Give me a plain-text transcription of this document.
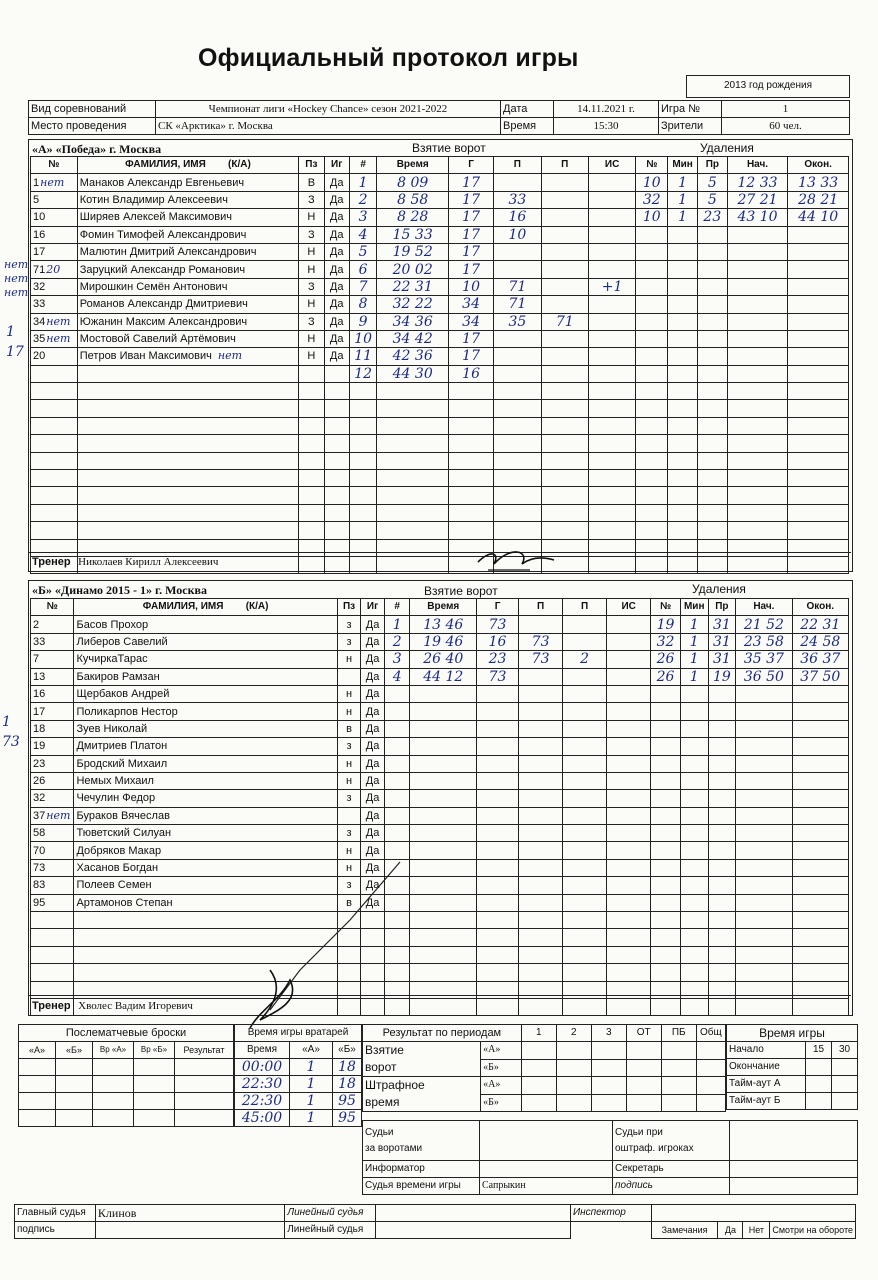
Официальный протокол игры
2013 год рождения
Вид соревнований	Чемпионат лиги «Hockey Chance» сезон 2021-2022	Дата	14.11.2021 г.	Игра №	1
Место проведения	СК «Арктика» г. Москва	Время	15:30	Зрители	60 чел.
«А» «Победа» г. Москва	Взятие ворот	Удаления
№	ФАМИЛИЯ, ИМЯ (К/А)	Пз	Иг	#	Время	Г	П	П	ИС	№	Мин	Пр	Нач.	Окон.
1нет	Манаков Александр Евгеньевич	В	Да	1	8 09	17				10	1	5	12 33	13 33
5	Котин Владимир Алексеевич	З	Да	2	8 58	17	33			32	1	5	27 21	28 21
10	Ширяев Алексей Максимович	Н	Да	3	8 28	17	16			10	1	23	43 10	44 10
16	Фомин Тимофей Александрович	З	Да	4	15 33	17	10							
17	Малютин Дмитрий Александрович	Н	Да	5	19 52	17								
7120	Заруцкий Александр Романович	Н	Да	6	20 02	17								
32	Мирошкин Семён Антонович	З	Да	7	22 31	10	71		+1					
33	Романов Александр Дмитриевич	Н	Да	8	32 22	34	71							
34нет	Южанин Максим Александрович	З	Да	9	34 36	34	35	71						
35нет	Мостовой Савелий Артёмович	Н	Да	10	34 42	17								
20	Петров Иван Максимович нет	Н	Да	11	42 36	17								
				12	44 30	16								

Тренер Николаев Кирилл Алексеевич
нет
нет
нет
1
17
«Б» «Динамо 2015 - 1» г. Москва	Взятие ворот	Удаления
№	ФАМИЛИЯ, ИМЯ (К/А)	Пз	Иг	#	Время	Г	П	П	ИС	№	Мин	Пр	Нач.	Окон.
2	Басов Прохор	з	Да	1	13 46	73				19	1	31	21 52	22 31
33	Либеров Савелий	з	Да	2	19 46	16	73			32	1	31	23 58	24 58
7	КучиркаТарас	н	Да	3	26 40	23	73	2		26	1	31	35 37	36 37
13	Бакиров Рамзан		Да	4	44 12	73				26	1	19	36 50	37 50
16	Щербаков Андрей	н	Да											
17	Поликарпов Нестор	н	Да											
18	Зуев Николай	в	Да											
19	Дмитриев Платон	з	Да											
23	Бродский Михаил	н	Да											
26	Немых Михаил	н	Да											
32	Чечулин Федор	з	Да											
37нет	Бураков Вячеслав		Да											
58	Тюветский Силуан	з	Да											
70	Добряков Макар	н	Да											
73	Хасанов Богдан	н	Да											
83	Полеев Семен	з	Да											
95	Артамонов Степан	в	Да											

Тренер Хволес Вадим Игоревич
1
73
Послематчевые броски				
«А»	«Б»	Вр «А»	Вр «Б»	Результат

Время игры вратарей		
Время	«А»	«Б»
00:00	1	18
22:30	1	18
22:30	1	95
45:00	1	95
Результат по периодам		1	2	3	ОТ	ПБ	Общ
Взятие
ворот	«А»						
	«Б»						
Штрафное
время	«А»						
	«Б»						
Время игры		
Начало	15	30
Окончание		
Тайм-аут А		
Тайм-аут Б		
Судьи
за воротами		Судьи при
оштраф. игроках	
Информатор		Секретарь	
Судья времени игры	Сапрыкин	подпись	
Главный судья	Клинов	Линейный судья		Инспектор				
подпись		Линейный судья			Замечания	Да	Нет	Смотри на обороте
